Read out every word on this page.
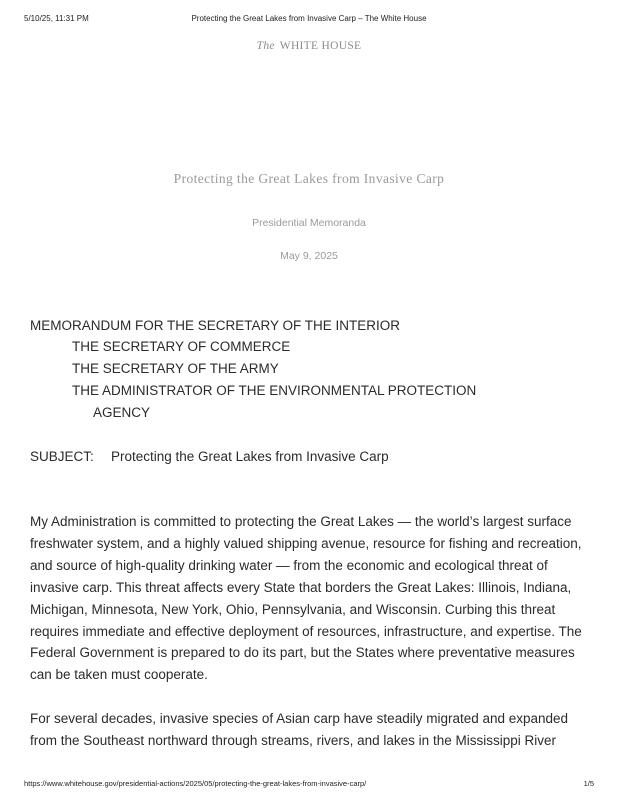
5/10/25, 11:31 PM	Protecting the Great Lakes from Invasive Carp – The White House
The WHITE HOUSE
Protecting the Great Lakes from Invasive Carp
Presidential Memoranda
May 9, 2025
MEMORANDUM FOR THE SECRETARY OF THE INTERIOR
THE SECRETARY OF COMMERCE
THE SECRETARY OF THE ARMY
THE ADMINISTRATOR OF THE ENVIRONMENTAL PROTECTION
AGENCY
SUBJECT: Protecting the Great Lakes from Invasive Carp

My Administration is committed to protecting the Great Lakes — the world’s largest surface freshwater system, and a highly valued shipping avenue, resource for fishing and recreation, and source of high-quality drinking water — from the economic and ecological threat of invasive carp. This threat affects every State that borders the Great Lakes: Illinois, Indiana, Michigan, Minnesota, New York, Ohio, Pennsylvania, and Wisconsin. Curbing this threat requires immediate and effective deployment of resources, infrastructure, and expertise. The Federal Government is prepared to do its part, but the States where preventative measures can be taken must cooperate.

For several decades, invasive species of Asian carp have steadily migrated and expanded from the Southeast northward through streams, rivers, and lakes in the Mississippi River

https://www.whitehouse.gov/presidential-actions/2025/05/protecting-the-great-lakes-from-invasive-carp/	1/5
